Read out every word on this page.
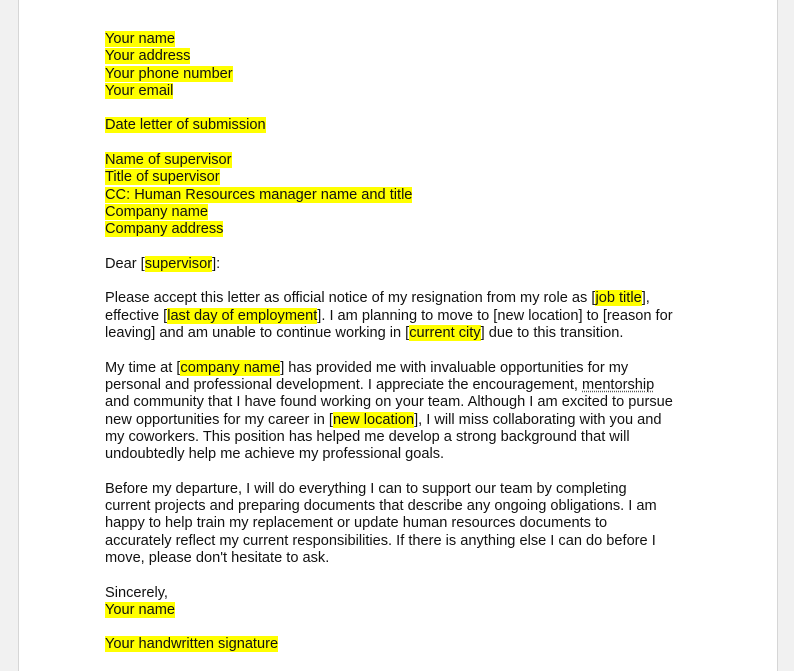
Your name
Your address
Your phone number
Your email
Date letter of submission
Name of supervisor
Title of supervisor
CC: Human Resources manager name and title
Company name
Company address
Dear [supervisor]:
Please accept this letter as official notice of my resignation from my role as [job title],
effective [last day of employment]. I am planning to move to [new location] to [reason for
leaving] and am unable to continue working in [current city] due to this transition.
My time at [company name] has provided me with invaluable opportunities for my
personal and professional development. I appreciate the encouragement, mentorship
and community that I have found working on your team. Although I am excited to pursue
new opportunities for my career in [new location], I will miss collaborating with you and
my coworkers. This position has helped me develop a strong background that will
undoubtedly help me achieve my professional goals.
Before my departure, I will do everything I can to support our team by completing
current projects and preparing documents that describe any ongoing obligations. I am
happy to help train my replacement or update human resources documents to
accurately reflect my current responsibilities. If there is anything else I can do before I
move, please don't hesitate to ask.
Sincerely,
Your name
Your handwritten signature
